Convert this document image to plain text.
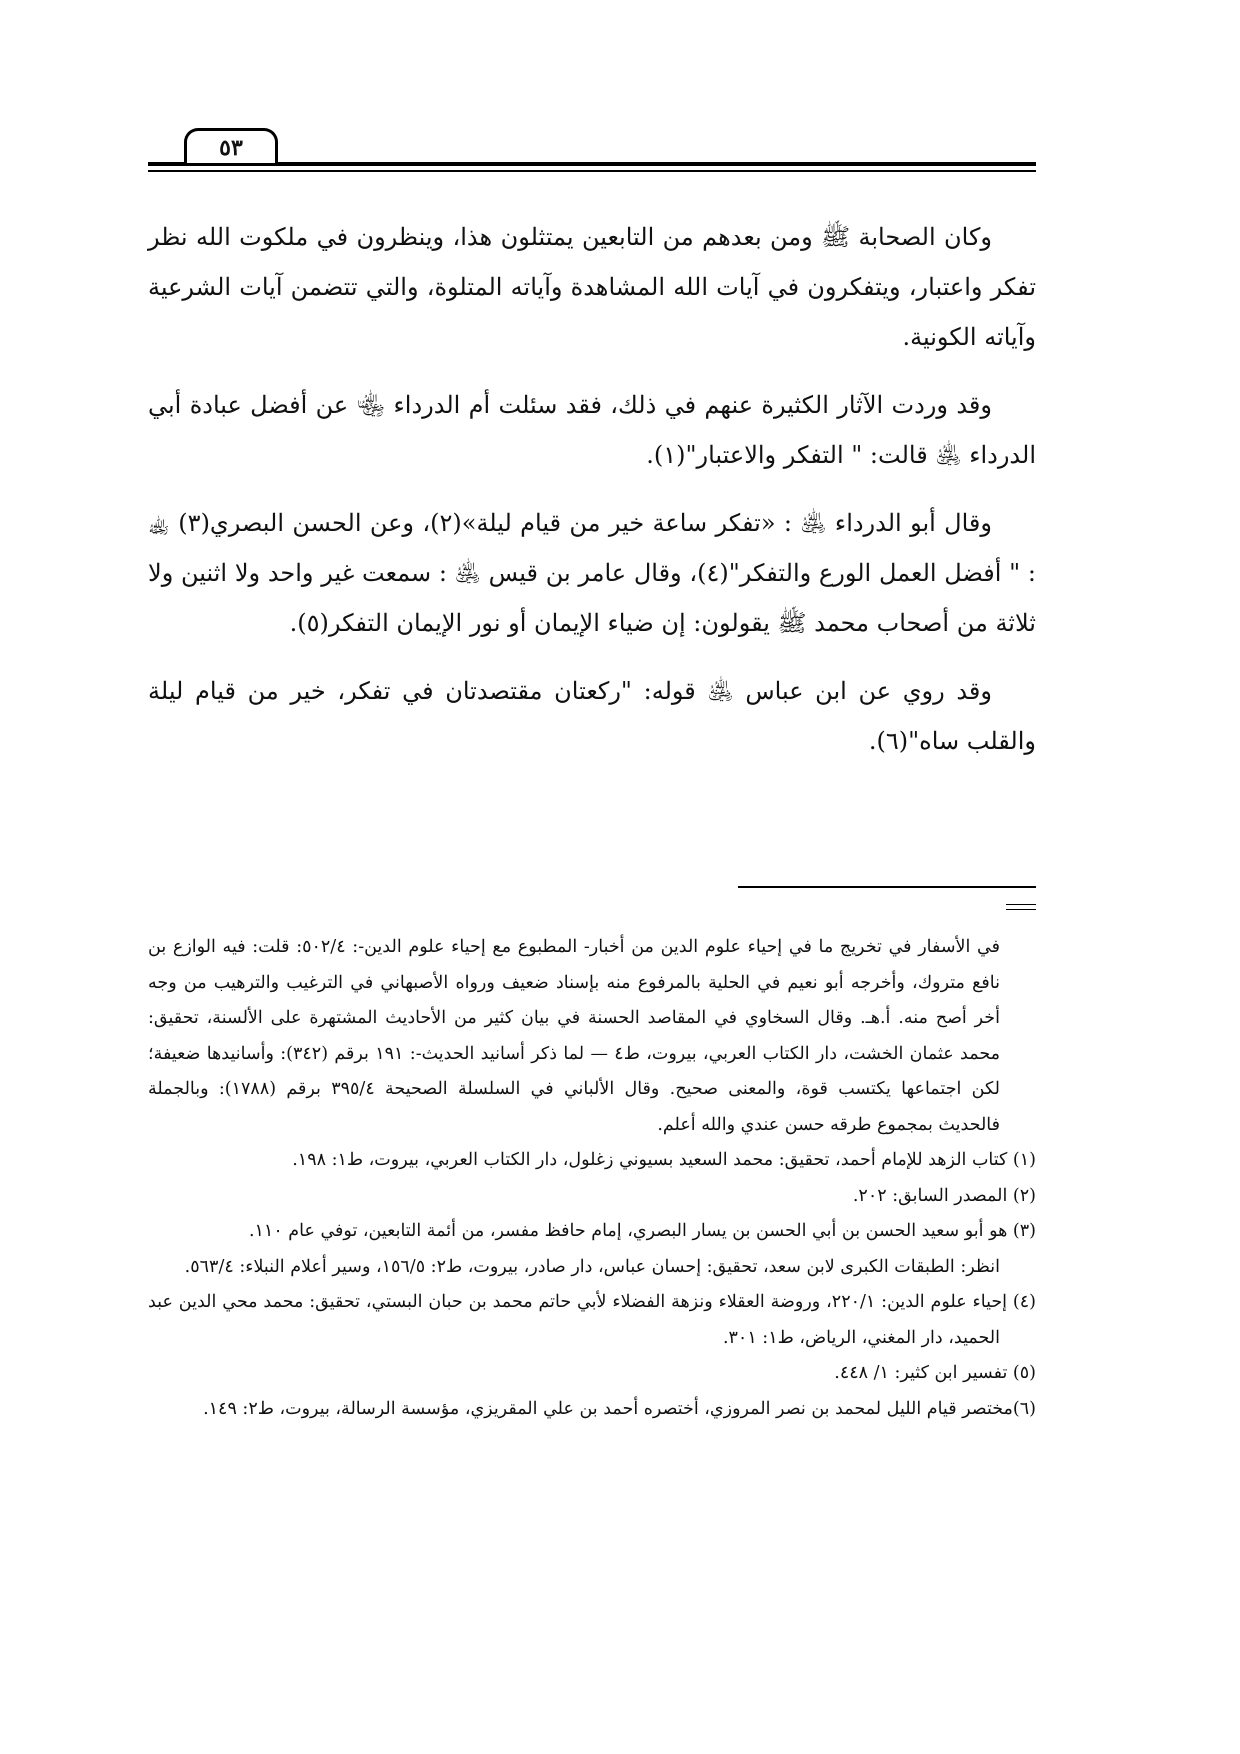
٥٣

وكان الصحابة ﷺ ومن بعدهم من التابعين يمتثلون هذا، وينظرون في ملكوت الله نظر تفكر واعتبار، ويتفكرون في آيات الله المشاهدة وآياته المتلوة، والتي تتضمن آيات الشرعية وآياته الكونية.

وقد وردت الآثار الكثيرة عنهم في ذلك، فقد سئلت أم الدرداء ﵄ عن أفضل عبادة أبي الدرداء ﵁ قالت: " التفكر والاعتبار"(١).

وقال أبو الدرداء ﵁ : «تفكر ساعة خير من قيام ليلة»(٢)، وعن الحسن البصري(٣) ﵀ : " أفضل العمل الورع والتفكر"(٤)، وقال عامر بن قيس ﵁ : سمعت غير واحد ولا اثنين ولا ثلاثة من أصحاب محمد ﷺ يقولون: إن ضياء الإيمان أو نور الإيمان التفكر(٥).

وقد روي عن ابن عباس ﵁ قوله: "ركعتان مقتصدتان في تفكر، خير من قيام ليلة والقلب ساه"(٦).

في الأسفار في تخريج ما في إحياء علوم الدين من أخبار- المطبوع مع إحياء علوم الدين-: ٥٠٢/٤: قلت: فيه الوازع بن نافع متروك، وأخرجه أبو نعيم في الحلية بالمرفوع منه بإسناد ضعيف ورواه الأصبهاني في الترغيب والترهيب من وجه أخر أصح منه. أ.هـ. وقال السخاوي في المقاصد الحسنة في بيان كثير من الأحاديث المشتهرة على الألسنة، تحقيق: محمد عثمان الخشت، دار الكتاب العربي، بيروت، ط٤ — لما ذكر أسانيد الحديث-: ١٩١ برقم (٣٤٢): وأسانيدها ضعيفة؛ لكن اجتماعها يكتسب قوة، والمعنى صحيح. وقال الألباني في السلسلة الصحيحة ٣٩٥/٤ برقم (١٧٨٨): وبالجملة فالحديث بمجموع طرقه حسن عندي والله أعلم.

(١) كتاب الزهد للإمام أحمد، تحقيق: محمد السعيد بسيوني زغلول، دار الكتاب العربي، بيروت، ط١: ١٩٨.

(٢) المصدر السابق: ٢٠٢.

(٣) هو أبو سعيد الحسن بن أبي الحسن بن يسار البصري، إمام حافظ مفسر، من أئمة التابعين، توفي عام ١١٠.

انظر: الطبقات الكبرى لابن سعد، تحقيق: إحسان عباس، دار صادر، بيروت، ط٢: ١٥٦/٥، وسير أعلام النبلاء: ٥٦٣/٤.

(٤) إحياء علوم الدين: ٢٢٠/١، وروضة العقلاء ونزهة الفضلاء لأبي حاتم محمد بن حبان البستي، تحقيق: محمد محي الدين عبد الحميد، دار المغني، الرياض، ط١: ٣٠١.

(٥) تفسير ابن كثير: ١/ ٤٤٨.

(٦)مختصر قيام الليل لمحمد بن نصر المروزي، أختصره أحمد بن علي المقريزي، مؤسسة الرسالة، بيروت، ط٢: ١٤٩.
